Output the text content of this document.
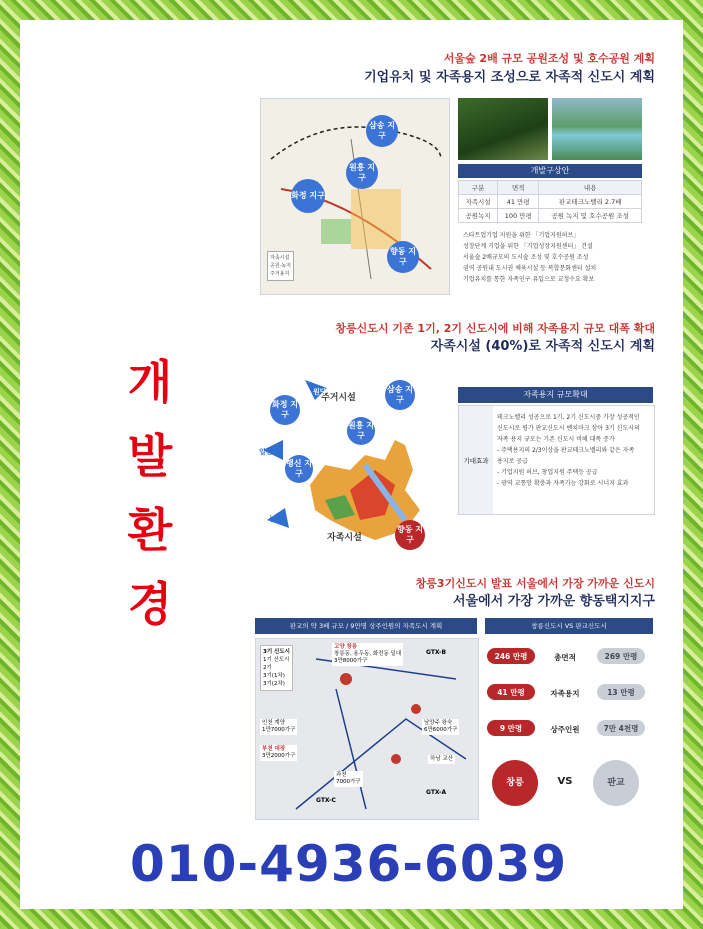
개
발
환
경
서울숲 2배 규모 공원조성 및 호수공원 계획
기업유치 및 자족용지 조성으로 자족적 신도시 계획
삼송 지구
원흥 지구
화정 지구
향동 지구
자족시설
공원·녹지
주거용지
개발구상안
구분	면적	내용
자족시설	41 만평	판교테크노밸리 2.7배
공원녹지	100 만평	공원 녹지 및 호수공원 조성
스타트업기업 지원을 위한 「기업지원허브」
성장단계 기업을 위한 「기업성장지원센터」 건설
서울숲 2배규모의 도시숲 조성 및 호수공원 조성
권역 공원내 도시권 체육시설 등 복합문화센터 설치
기업유치를 통한 자족인구 유입으로 교정수요 확보
창릉신도시 기존 1기, 2기 신도시에 비해 자족용지 규모 대폭 확대
자족시설 (40%)로 자족적 신도시 계획
주거시설
자족시설
화정 지구
삼송 지구
원흥 지구
행신 지구
향동 지구
원당
일산
능곡
자족용지 규모확대
기대효과
테크노밸리 성공으로 1기, 2기 신도시중 가장 성공적인
신도시로 평가 판교신도시 벤치마크 삼아 3기 신도시의
자족 용지 규모는 기존 신도시 비해 대폭 증가
- 주택용지의 2/3이상을 판교테크노밸리와 같은 자족
용지로 공급
- 기업지원 허브, 창업지원 주택등 공급
- 광역 교통망 확충과 자족기능 강화로 시너지 효과
창릉3기신도시 발표 서울에서 가장 가까운 신도시
서울에서 가장 가까운 향동택지지구
판교의 약 3배 규모 / 9만명 상주인원의 자족도시 계획	창릉신도시 VS 판교신도시
3기 신도시
1기 신도시
2기
3기(1차)
3기(2차)
고양 창릉
창릉동, 용두동, 화전동 일대
3만8000가구
인천 계양
1만7000가구
부천 대장
3만2000가구
과천
7000가구
남양주 왕숙
6만6000가구
하남 교산
GTX-B
GTX-A
GTX-C
246 만평	총면적	269 만평
41 만평	자족용지	13 만평
9 만명	상주인원	7만 4천명
창릉	VS	판교
010-4936-6039
